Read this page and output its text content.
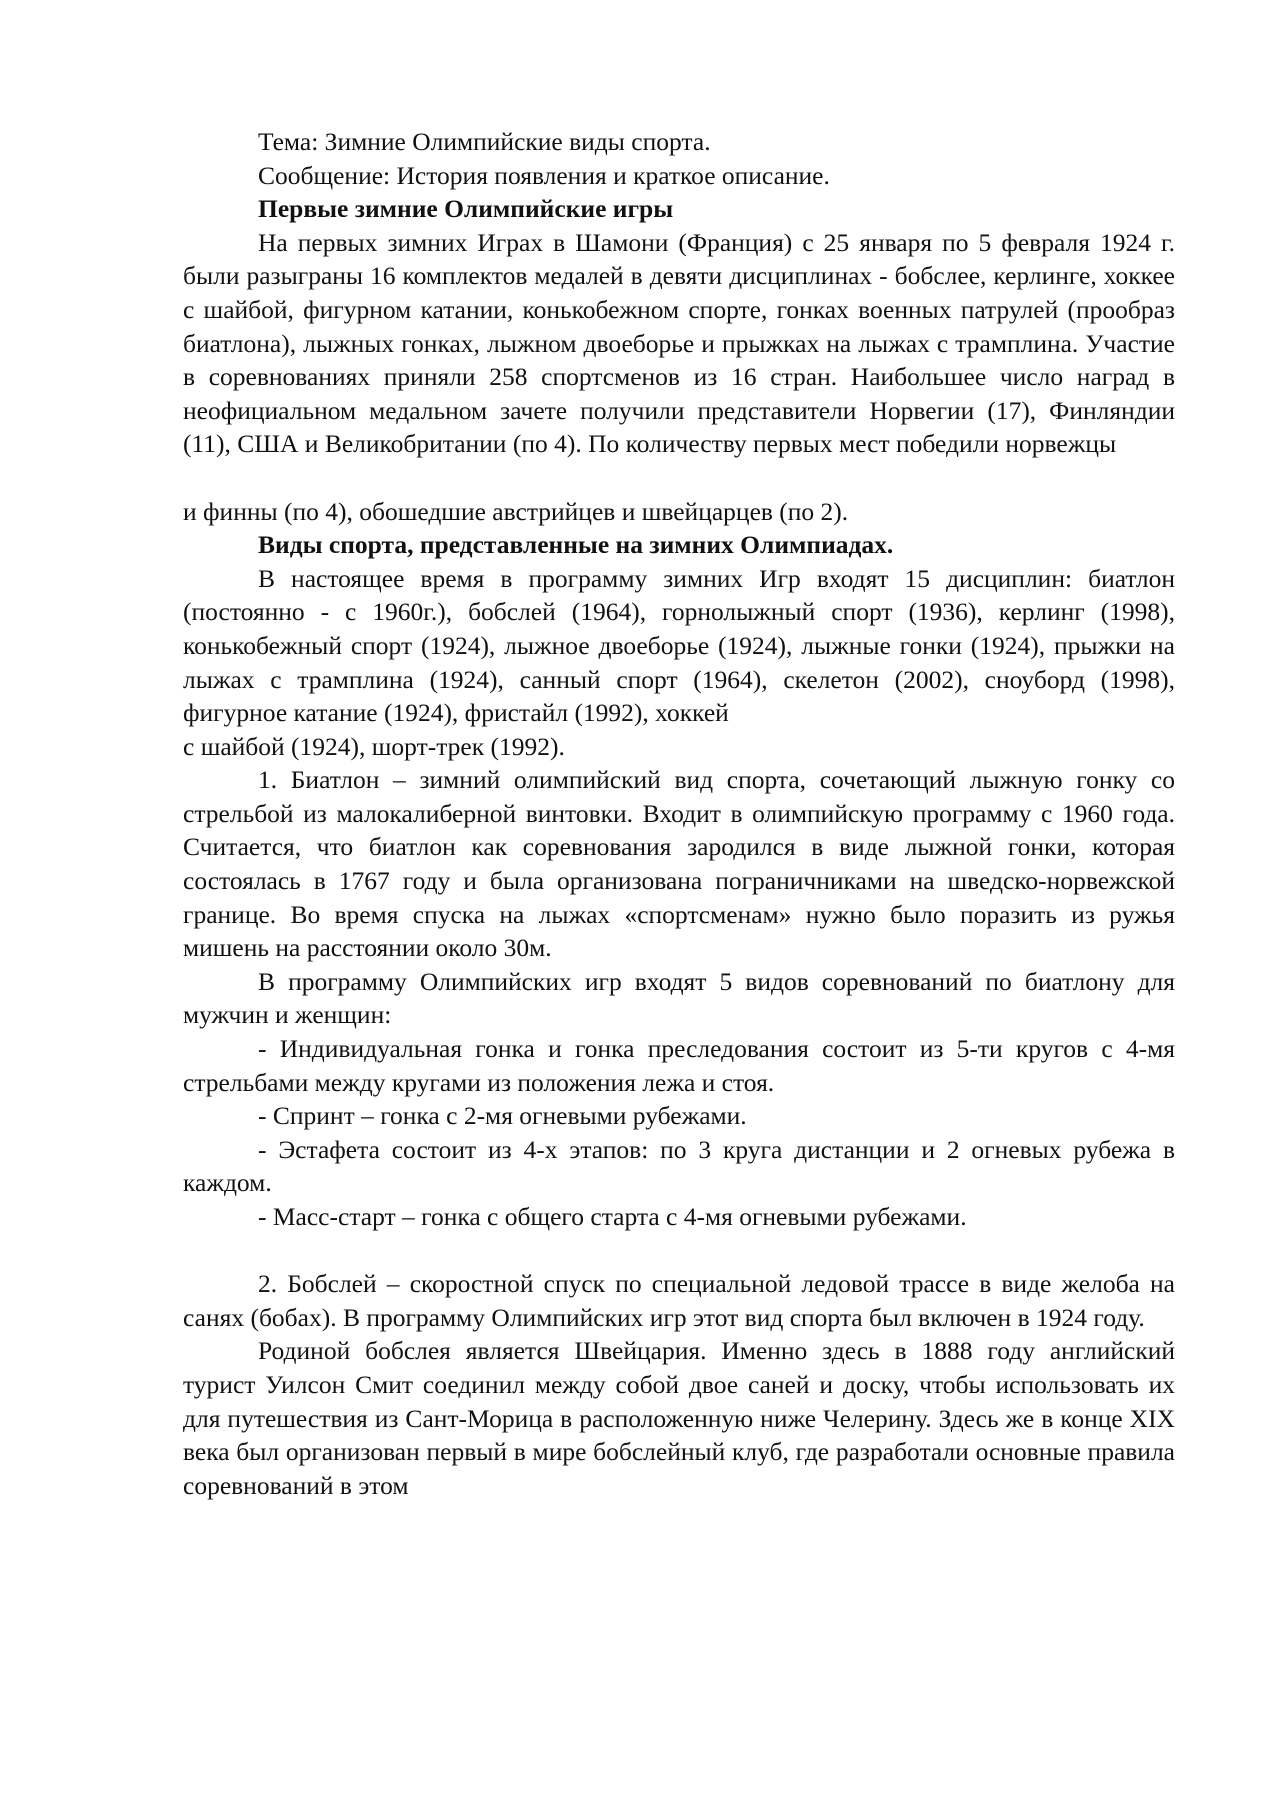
Тема: Зимние Олимпийские виды спорта.

Сообщение: История появления и краткое описание.

Первые зимние Олимпийские игры

На первых зимних Играх в Шамони (Франция) с 25 января по 5 февраля 1924 г. были разыграны 16 комплектов медалей в девяти дисциплинах - бобслее, керлинге, хоккее с шайбой, фигурном катании, конькобежном спорте, гонках военных патрулей (прообраз биатлона), лыжных гонках, лыжном двоеборье и прыжках на лыжах с трамплина. Участие в соревнованиях приняли 258 спортсменов из 16 стран. Наибольшее число наград в неофициальном медальном зачете получили представители Норвегии (17), Финляндии (11), США и Великобритании (по 4). По количеству первых мест победили норвежцы

и финны (по 4), обошедшие австрийцев и швейцарцев (по 2).

Виды спорта, представленные на зимних Олимпиадах.

В настоящее время в программу зимних Игр входят 15 дисциплин: биатлон (постоянно - с 1960г.), бобслей (1964), горнолыжный спорт (1936), керлинг (1998), конькобежный спорт (1924), лыжное двоеборье (1924), лыжные гонки (1924), прыжки на лыжах с трамплина (1924), санный спорт (1964), скелетон (2002), сноуборд (1998), фигурное катание (1924), фристайл (1992), хоккей

с шайбой (1924), шорт-трек (1992).

1. Биатлон – зимний олимпийский вид спорта, сочетающий лыжную гонку со стрельбой из малокалиберной винтовки. Входит в олимпийскую программу с 1960 года. Считается, что биатлон как соревнования зародился в виде лыжной гонки, которая состоялась в 1767 году и была организована пограничниками на шведско-норвежской границе. Во время спуска на лыжах «спортсменам» нужно было поразить из ружья мишень на расстоянии около 30м.

В программу Олимпийских игр входят 5 видов соревнований по биатлону для мужчин и женщин:

- Индивидуальная гонка и гонка преследования состоит из 5-ти кругов с 4-мя стрельбами между кругами из положения лежа и стоя.

- Спринт – гонка с 2-мя огневыми рубежами.

- Эстафета состоит из 4-х этапов: по 3 круга дистанции и 2 огневых рубежа в каждом.

- Масс-старт – гонка с общего старта с 4-мя огневыми рубежами.

2. Бобслей – скоростной спуск по специальной ледовой трассе в виде желоба на санях (бобах). В программу Олимпийских игр этот вид спорта был включен в 1924 году.

Родиной бобслея является Швейцария. Именно здесь в 1888 году английский турист Уилсон Смит соединил между собой двое саней и доску, чтобы использовать их для путешествия из Сант-Морица в расположенную ниже Челерину. Здесь же в конце XIX века был организован первый в мире бобслейный клуб, где разработали основные правила соревнований в этом
